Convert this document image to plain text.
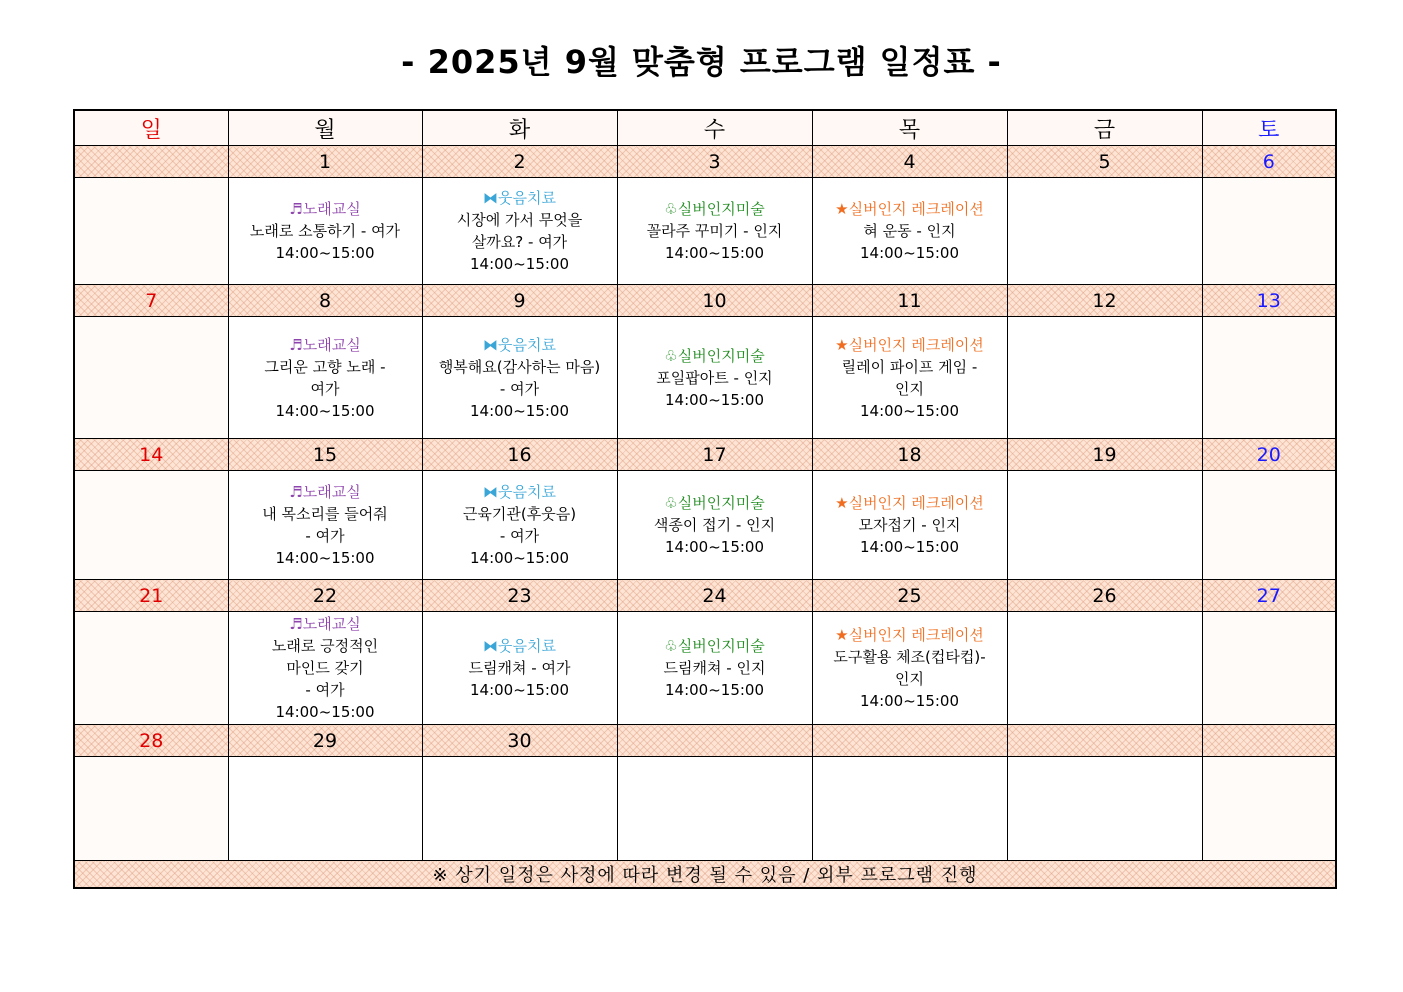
- 2025년 9월 맞춤형 프로그램 일정표 -
일	월	화	수	목	금	토
	1	2	3	4	5	6

	♬노래교실
노래로 소통하기 - 여가
14:00~15:00	⧓웃음치료
시장에 가서 무엇을
살까요? - 여가
14:00~15:00	♧실버인지미술
꼴라주 꾸미기 - 인지
14:00~15:00	★실버인지 레크레이션
혀 운동 - 인지
14:00~15:00		

7	8	9	10	11	12	13

	♬노래교실
그리운 고향 노래 -
여가
14:00~15:00	⧓웃음치료
행복해요(감사하는 마음)
- 여가
14:00~15:00	♧실버인지미술
포일팝아트 - 인지
14:00~15:00	★실버인지 레크레이션
릴레이 파이프 게임 -
인지
14:00~15:00		

14	15	16	17	18	19	20

	♬노래교실
내 목소리를 들어줘
- 여가
14:00~15:00	⧓웃음치료
근육기관(후웃음)
- 여가
14:00~15:00	♧실버인지미술
색종이 접기 - 인지
14:00~15:00	★실버인지 레크레이션
모자접기 - 인지
14:00~15:00		

21	22	23	24	25	26	27

	♬노래교실
노래로 긍정적인
마인드 갖기
- 여가
14:00~15:00	⧓웃음치료
드림캐쳐 - 여가
14:00~15:00	♧실버인지미술
드림캐쳐 - 인지
14:00~15:00	★실버인지 레크레이션
도구활용 체조(컵타컵)-
인지
14:00~15:00		

28	29	30				

※ 상기 일정은 사정에 따라 변경 될 수 있음 / 외부 프로그램 진행						
